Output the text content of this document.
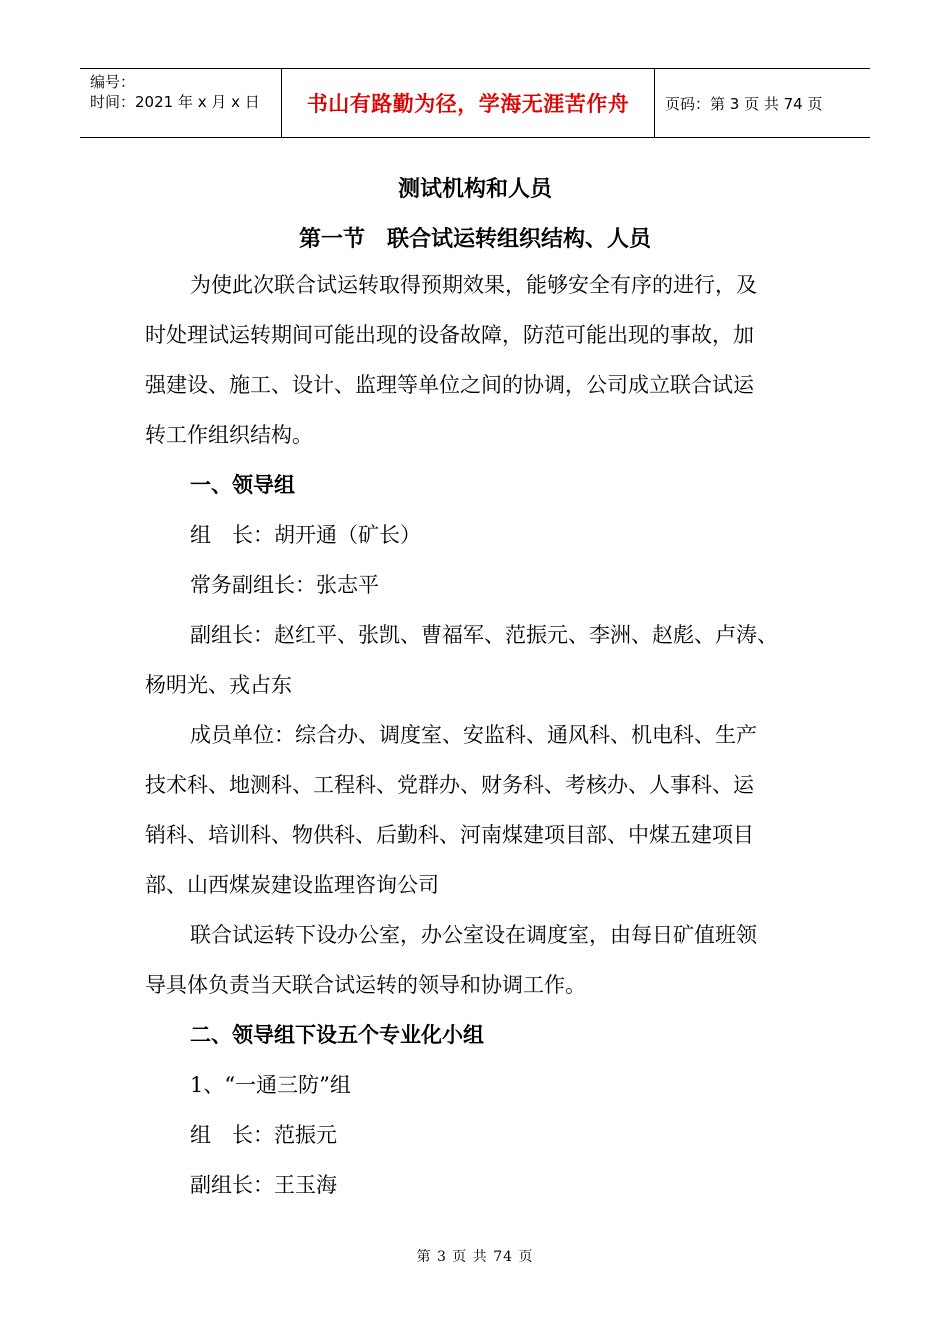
编号：
时间：2021 年 x 月 x 日	书山有路勤为径，学海无涯苦作舟	页码：第 3 页 共 74 页
测试机构和人员
第一节　联合试运转组织结构、人员
为使此次联合试运转取得预期效果，能够安全有序的进行，及
时处理试运转期间可能出现的设备故障，防范可能出现的事故，加
强建设、施工、设计、监理等单位之间的协调，公司成立联合试运
转工作组织结构。
一、领导组
组　长：胡开通（矿长）
常务副组长：张志平
副组长：赵红平、张凯、曹福军、范振元、李洲、赵彪、卢涛、
杨明光、戎占东
成员单位：综合办、调度室、安监科、通风科、机电科、生产
技术科、地测科、工程科、党群办、财务科、考核办、人事科、运
销科、培训科、物供科、后勤科、河南煤建项目部、中煤五建项目
部、山西煤炭建设监理咨询公司
联合试运转下设办公室，办公室设在调度室，由每日矿值班领
导具体负责当天联合试运转的领导和协调工作。
二、领导组下设五个专业化小组
1、“一通三防”组
组　长：范振元
副组长：王玉海
第 3 页 共 74 页
